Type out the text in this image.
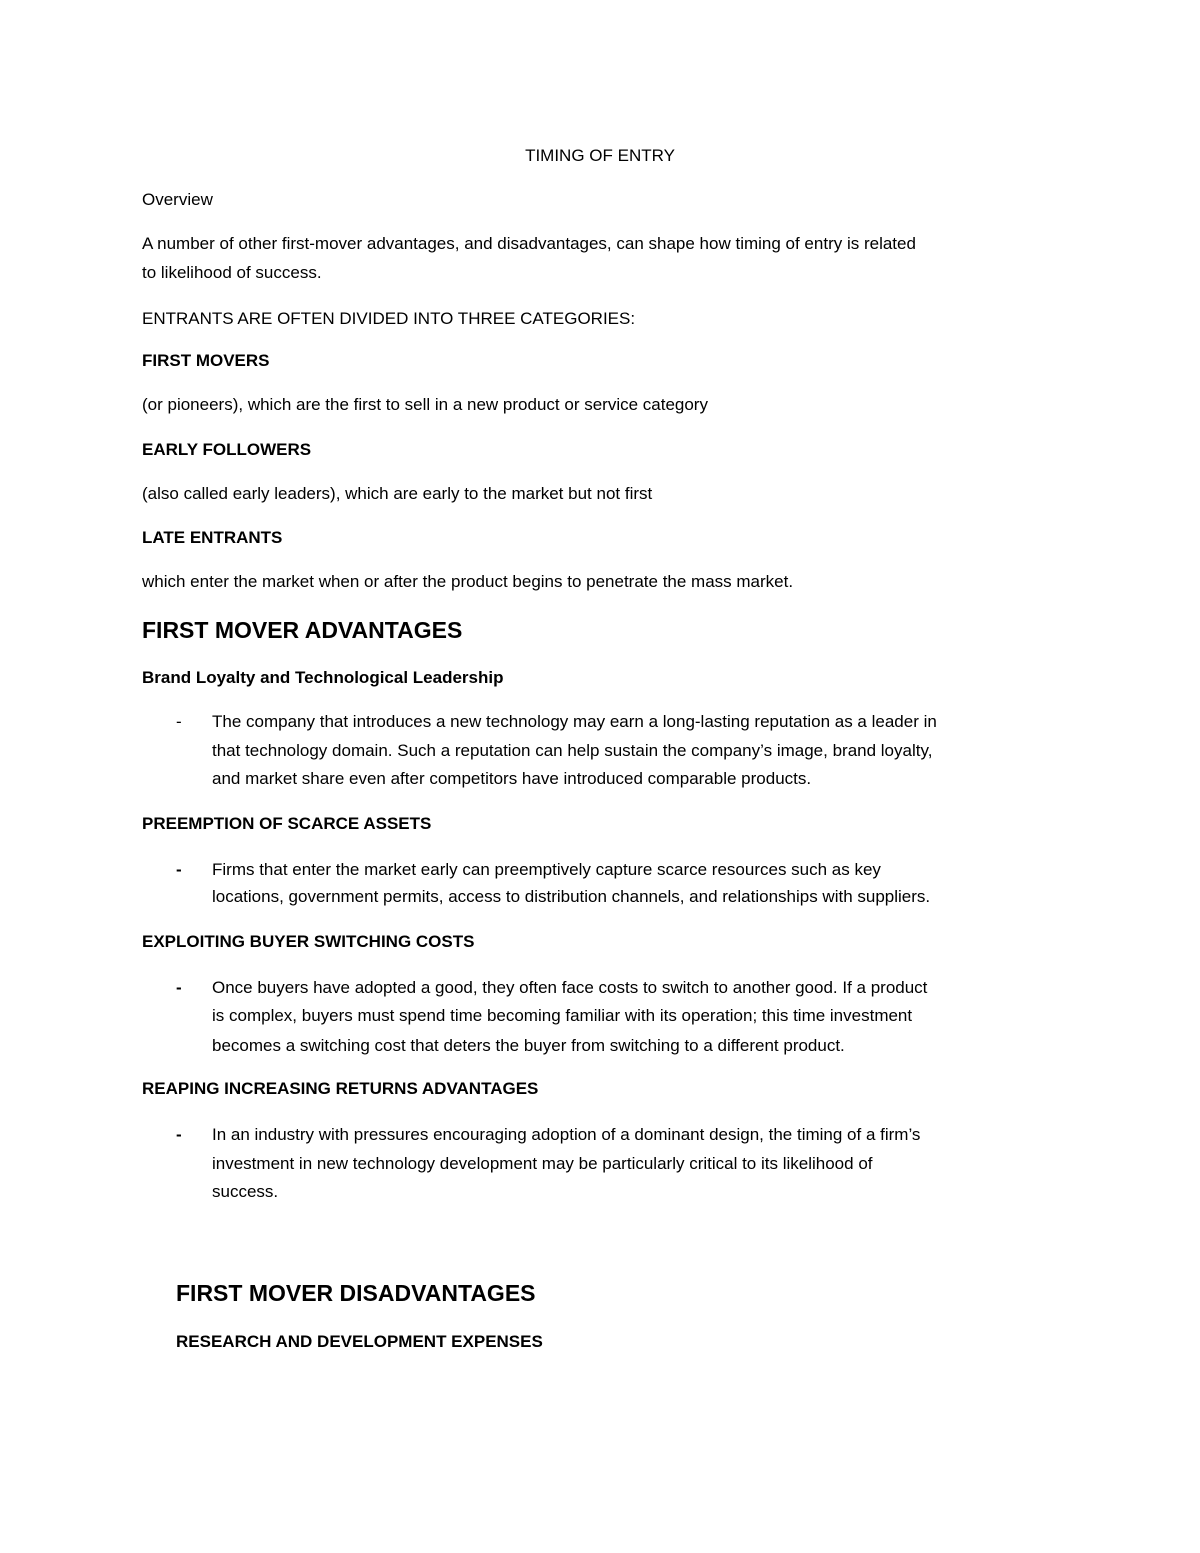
TIMING OF ENTRY

Overview

A number of other first-mover advantages, and disadvantages, can shape how timing of entry is related

to likelihood of success.

ENTRANTS ARE OFTEN DIVIDED INTO THREE CATEGORIES:

FIRST MOVERS

(or pioneers), which are the first to sell in a new product or service category

EARLY FOLLOWERS

(also called early leaders), which are early to the market but not first

LATE ENTRANTS

which enter the market when or after the product begins to penetrate the mass market.

FIRST MOVER ADVANTAGES

Brand Loyalty and Technological Leadership

- The company that introduces a new technology may earn a long-lasting reputation as a leader in

that technology domain. Such a reputation can help sustain the company’s image, brand loyalty,

and market share even after competitors have introduced comparable products.

PREEMPTION OF SCARCE ASSETS

- Firms that enter the market early can preemptively capture scarce resources such as key

locations, government permits, access to distribution channels, and relationships with suppliers.

EXPLOITING BUYER SWITCHING COSTS

- Once buyers have adopted a good, they often face costs to switch to another good. If a product

is complex, buyers must spend time becoming familiar with its operation; this time investment

becomes a switching cost that deters the buyer from switching to a different product.

REAPING INCREASING RETURNS ADVANTAGES

- In an industry with pressures encouraging adoption of a dominant design, the timing of a firm’s

investment in new technology development may be particularly critical to its likelihood of

success.

FIRST MOVER DISADVANTAGES

RESEARCH AND DEVELOPMENT EXPENSES
